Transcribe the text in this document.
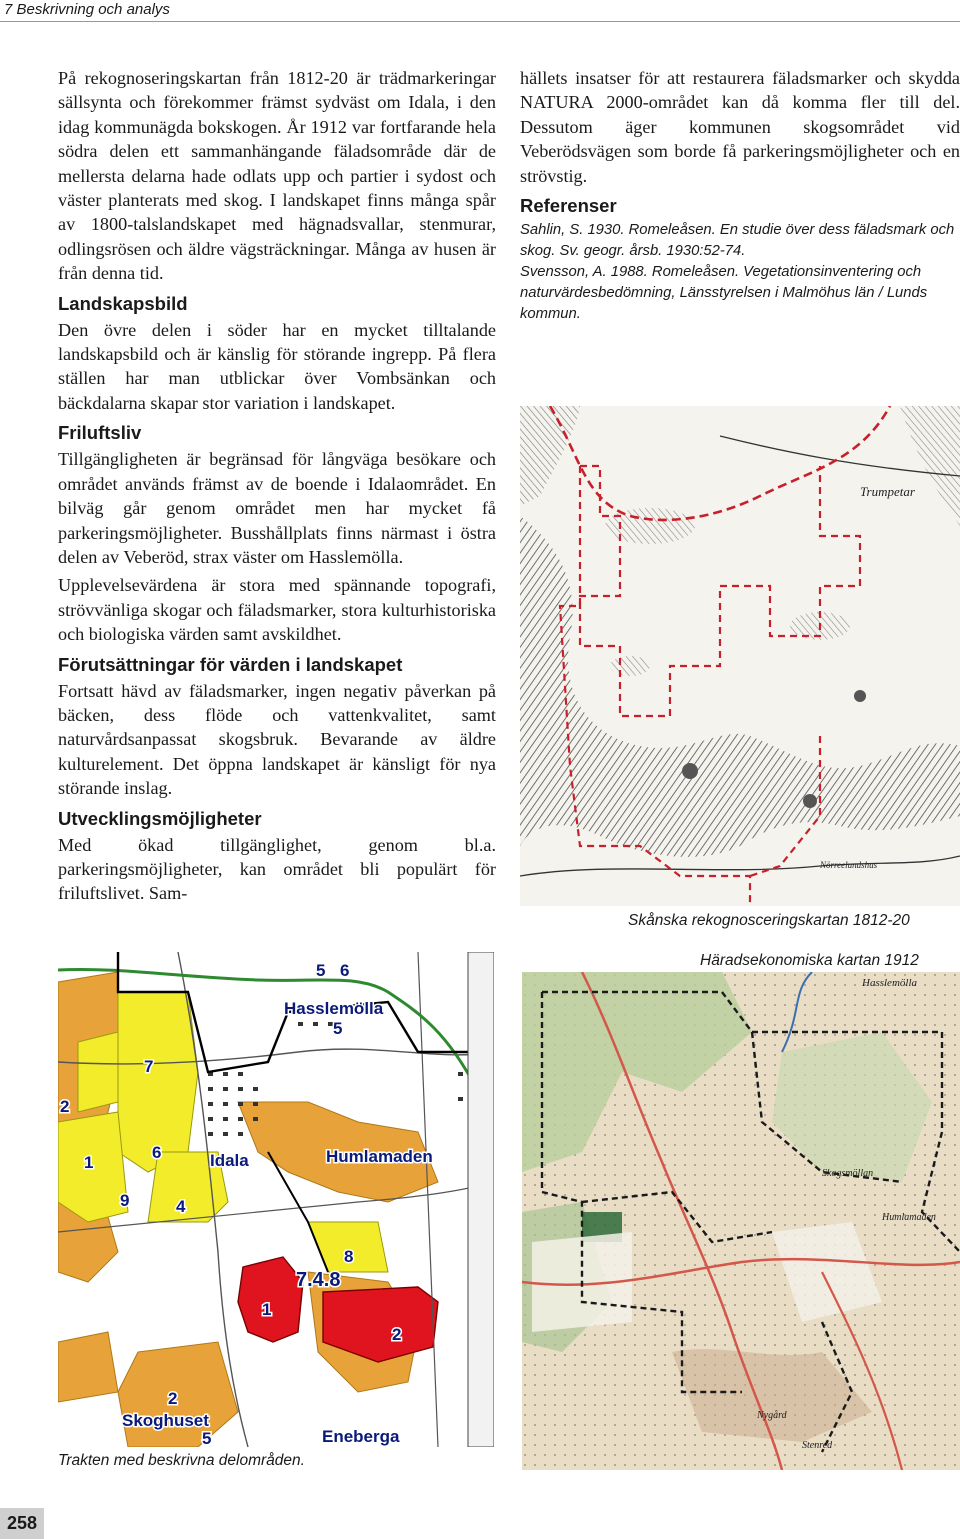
7 Beskrivning och analys

På rekognoseringskartan från 1812-20 är trädmarkeringar sällsynta och förekommer främst sydväst om Idala, i den idag kommunägda bokskogen. År 1912 var fortfarande hela södra delen ett sammanhängande fäladsområde där de mellersta delarna hade odlats upp och partier i sydost och väster planterats med skog. I landskapet finns många spår av 1800-talslandskapet med hägnadsvallar, stenmurar, odlingsrösen och äldre vägsträckningar. Många av husen är från denna tid.

Landskapsbild

Den övre delen i söder har en mycket tilltalande landskapsbild och är känslig för störande ingrepp. På flera ställen har man utblickar över Vombsänkan och bäckdalarna skapar stor variation i landskapet.

Friluftsliv

Tillgängligheten är begränsad för långväga besökare och området används främst av de boende i Idalaområdet. En bilväg går genom området men har mycket få parkeringsmöjligheter. Busshållplats finns närmast i östra delen av Veberöd, strax väster om Hasslemölla.

Upplevelsevärdena är stora med spännande topografi, strövvänliga skogar och fäladsmarker, stora kulturhistoriska och biologiska värden samt avskildhet.

Förutsättningar för värden i landskapet

Fortsatt hävd av fäladsmarker, ingen negativ påverkan på bäcken, dess flöde och vattenkvalitet, samt naturvårdsanpassat skogsbruk. Bevarande av äldre kulturelement. Det öppna landskapet är känsligt för nya störande inslag.

Utvecklingsmöjligheter

Med ökad tillgänglighet, genom bl.a. parkeringsmöjligheter, kan området bli populärt för friluftslivet. Sam-

hällets insatser för att restaurera fäladsmarker och skydda NATURA 2000-området kan då komma fler till del. Dessutom äger kommunen skogsområdet vid Veberödsvägen som borde få parkeringsmöjligheter och en strövstig.

Referenser

Sahlin, S. 1930. Romeleåsen. En studie över dess fäladsmark och skog. Sv. geogr. årsb. 1930:52-74.

Svensson, A. 1988. Romeleåsen. Vegetationsinventering och naturvärdesbedömning, Länsstyrelsen i Malmöhus län / Lunds kommun.

Trumpetar
Nörreelundshus
Skånska rekognosceringskartan 1812-20
Häradsekonomiska kartan 1912
Hasslemölla
Skogsmöllan
Humlamaden
Nygård
Stenred
5 6
Hasslemölla
5
7
2
1
6	Idala	Humlamaden
9	4
8
7.4.8
1
2
2
Skoghuset
5	Eneberga
Trakten med beskrivna delområden.
258
